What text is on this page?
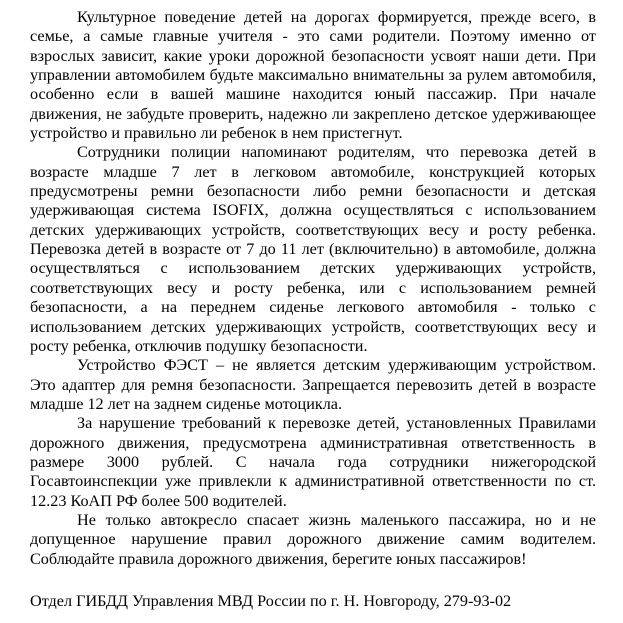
Культурное поведение детей на дорогах формируется, прежде всего, в семье, а самые главные учителя - это сами родители. Поэтому именно от взрослых зависит, какие уроки дорожной безопасности усвоят наши дети. При управлении автомобилем будьте максимально внимательны за рулем автомобиля, особенно если в вашей машине находится юный пассажир. При начале движения, не забудьте проверить, надежно ли закреплено детское удерживающее устройство и правильно ли ребенок в нем пристегнут.

Сотрудники полиции напоминают родителям, что перевозка детей в возрасте младше 7 лет в легковом автомобиле, конструкцией которых предусмотрены ремни безопасности либо ремни безопасности и детская удерживающая система ISOFIX, должна осуществляться с использованием детских удерживающих устройств, соответствующих весу и росту ребенка. Перевозка детей в возрасте от 7 до 11 лет (включительно) в автомобиле, должна осуществляться с использованием детских удерживающих устройств, соответствующих весу и росту ребенка, или с использованием ремней безопасности, а на переднем сиденье легкового автомобиля - только с использованием детских удерживающих устройств, соответствующих весу и росту ребенка, отключив подушку безопасности.

Устройство ФЭСТ – не является детским удерживающим устройством. Это адаптер для ремня безопасности. Запрещается перевозить детей в возрасте младше 12 лет на заднем сиденье мотоцикла.

За нарушение требований к перевозке детей, установленных Правилами дорожного движения, предусмотрена административная ответственность в размере 3000 рублей. С начала года сотрудники нижегородской Госавтоинспекции уже привлекли к административной ответственности по ст. 12.23 КоАП РФ более 500 водителей.

Не только автокресло спасает жизнь маленького пассажира, но и не допущенное нарушение правил дорожного движение самим водителем. Соблюдайте правила дорожного движения, берегите юных пассажиров!

Отдел ГИБДД Управления МВД России по г. Н. Новгороду, 279-93-02
